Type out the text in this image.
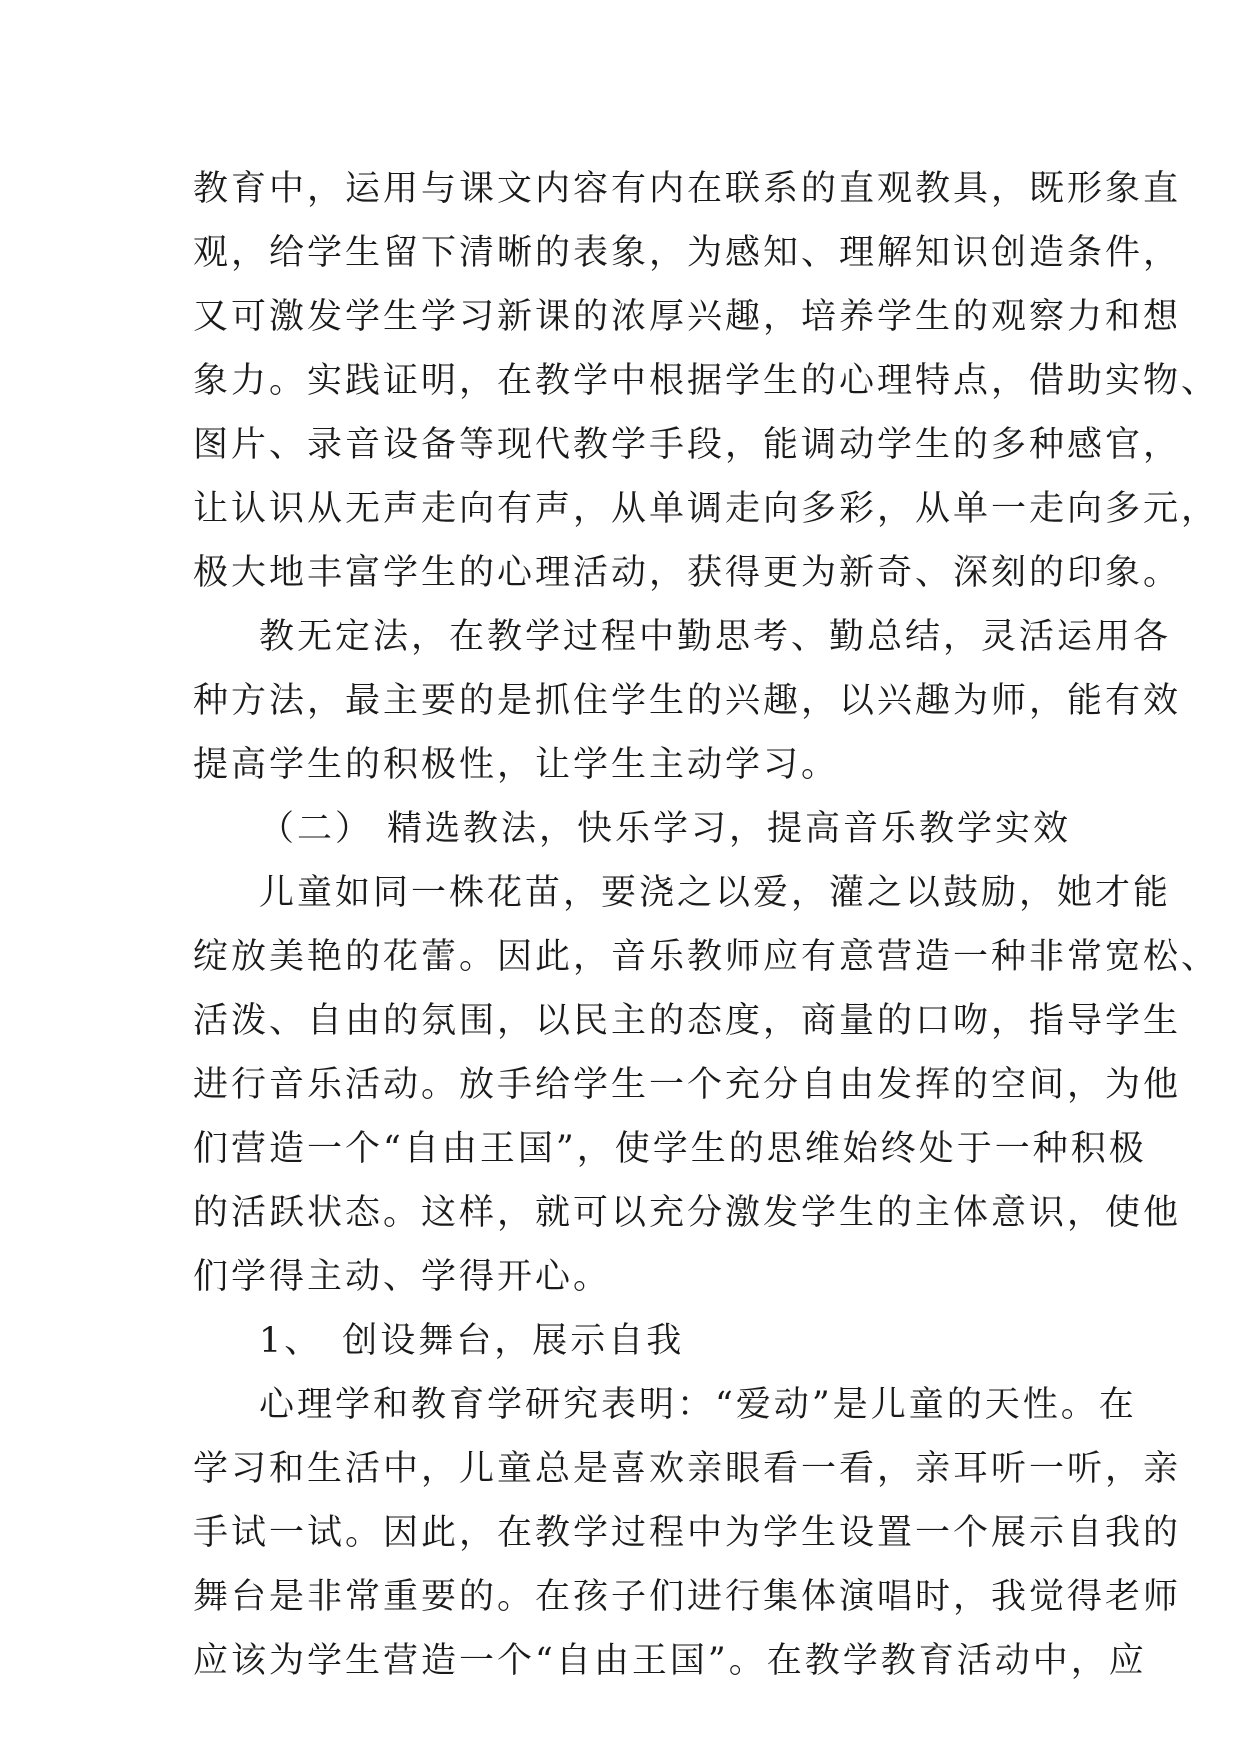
教育中，运用与课文内容有内在联系的直观教具，既形象直
观，给学生留下清晰的表象，为感知、理解知识创造条件，
又可激发学生学习新课的浓厚兴趣，培养学生的观察力和想
象力。实践证明，在教学中根据学生的心理特点，借助实物、
图片、录音设备等现代教学手段，能调动学生的多种感官，
让认识从无声走向有声，从单调走向多彩，从单一走向多元，
极大地丰富学生的心理活动，获得更为新奇、深刻的印象。
教无定法，在教学过程中勤思考、勤总结，灵活运用各
种方法，最主要的是抓住学生的兴趣，以兴趣为师，能有效
提高学生的积极性，让学生主动学习。
（二） 精选教法，快乐学习，提高音乐教学实效
儿童如同一株花苗，要浇之以爱，灌之以鼓励，她才能
绽放美艳的花蕾。因此，音乐教师应有意营造一种非常宽松、
活泼、自由的氛围，以民主的态度，商量的口吻，指导学生
进行音乐活动。放手给学生一个充分自由发挥的空间，为他
们营造一个“自由王国”，使学生的思维始终处于一种积极
的活跃状态。这样，就可以充分激发学生的主体意识，使他
们学得主动、学得开心。
1、 创设舞台，展示自我
心理学和教育学研究表明：“爱动”是儿童的天性。在
学习和生活中，儿童总是喜欢亲眼看一看，亲耳听一听，亲
手试一试。因此，在教学过程中为学生设置一个展示自我的
舞台是非常重要的。在孩子们进行集体演唱时，我觉得老师
应该为学生营造一个“自由王国”。在教学教育活动中，应
